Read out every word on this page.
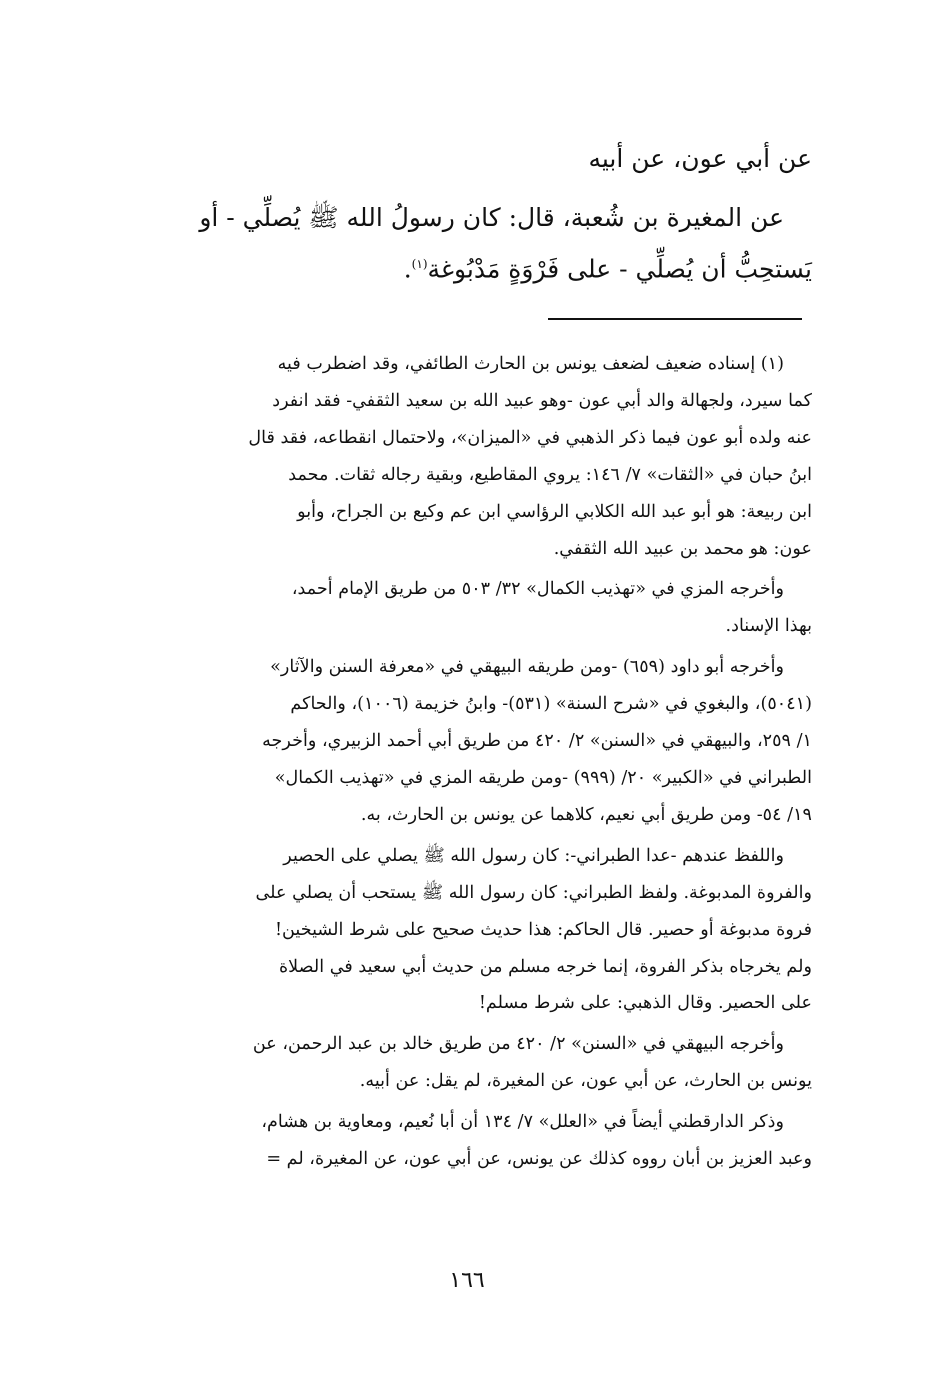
عن أبي عون، عن أبيه
عن المغيرة بن شُعبة، قال: كان رسولُ الله ﷺ يُصلِّي - أو
يَستحِبُّ أن يُصلِّي - على فَرْوَةٍ مَدْبُوغة$^{(١)}$.

(١) إسناده ضعيف لضعف يونس بن الحارث الطائفي، وقد اضطرب فيه
كما سيرد، ولجهالة والد أبي عون -وهو عبيد الله بن سعيد الثقفي- فقد انفرد
عنه ولده أبو عون فيما ذكر الذهبي في «الميزان»، ولاحتمال انقطاعه، فقد قال
ابنُ حبان في «الثقات» ٧/ ١٤٦: يروي المقاطيع، وبقية رجاله ثقات. محمد
ابن ربيعة: هو أبو عبد الله الكلابي الرؤاسي ابن عم وكيع بن الجراح، وأبو
عون: هو محمد بن عبيد الله الثقفي.

وأخرجه المزي في «تهذيب الكمال» ٣٢/ ٥٠٣ من طريق الإمام أحمد،
بهذا الإسناد.

وأخرجه أبو داود (٦٥٩) -ومن طريقه البيهقي في «معرفة السنن والآثار»
(٥٠٤١)، والبغوي في «شرح السنة» (٥٣١)- وابنُ خزيمة (١٠٠٦)، والحاكم
١/ ٢٥٩، والبيهقي في «السنن» ٢/ ٤٢٠ من طريق أبي أحمد الزبيري، وأخرجه
الطبراني في «الكبير» ٢٠/ (٩٩٩) -ومن طريقه المزي في «تهذيب الكمال»
١٩/ ٥٤- ومن طريق أبي نعيم، كلاهما عن يونس بن الحارث، به.

واللفظ عندهم -عدا الطبراني-: كان رسول الله ﷺ يصلي على الحصير
والفروة المدبوغة. ولفظ الطبراني: كان رسول الله ﷺ يستحب أن يصلي على
فروة مدبوغة أو حصير. قال الحاكم: هذا حديث صحيح على شرط الشيخين!
ولم يخرجاه بذكر الفروة، إنما خرجه مسلم من حديث أبي سعيد في الصلاة
على الحصير. وقال الذهبي: على شرط مسلم!

وأخرجه البيهقي في «السنن» ٢/ ٤٢٠ من طريق خالد بن عبد الرحمن، عن
يونس بن الحارث، عن أبي عون، عن المغيرة، لم يقل: عن أبيه.

وذكر الدارقطني أيضاً في «العلل» ٧/ ١٣٤ أن أبا نُعيم، ومعاوية بن هشام،
وعبد العزيز بن أبان رووه كذلك عن يونس، عن أبي عون، عن المغيرة، لم =

١٦٦
